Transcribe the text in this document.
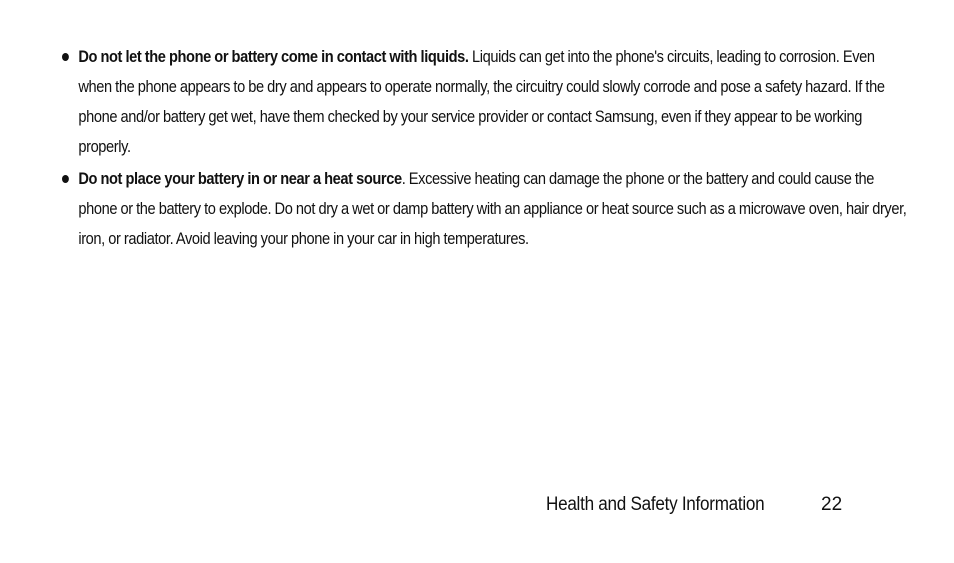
Do not let the phone or battery come in contact with liquids. Liquids can get into the phone's circuits, leading to corrosion. Even when the phone appears to be dry and appears to operate normally, the circuitry could slowly corrode and pose a safety hazard. If the phone and/or battery get wet, have them checked by your service provider or contact Samsung, even if they appear to be working properly.
Do not place your battery in or near a heat source. Excessive heating can damage the phone or the battery and could cause the phone or the battery to explode. Do not dry a wet or damp battery with an appliance or heat source such as a microwave oven, hair dryer, iron, or radiator. Avoid leaving your phone in your car in high temperatures.
Health and Safety Information	22
